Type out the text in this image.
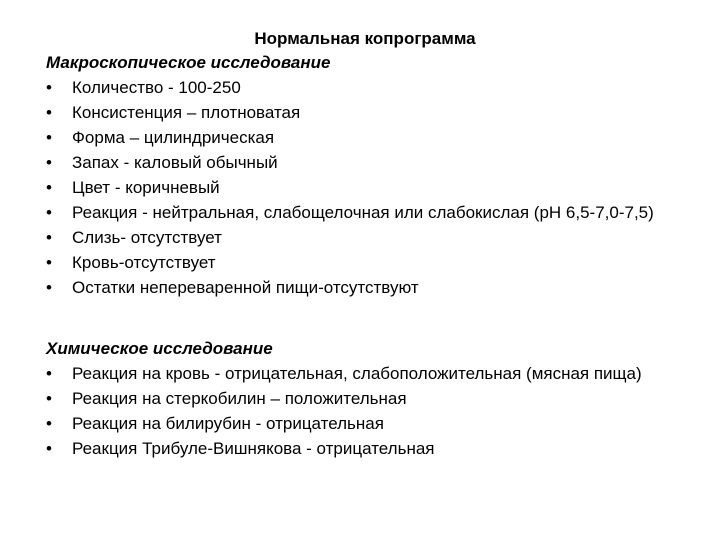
Нормальная копрограмма
Макроскопическое исследование
• Количество - 100-250
• Консистенция – плотноватая
• Форма – цилиндрическая
• Запах - каловый обычный
• Цвет - коричневый
• Реакция - нейтральная, слабощелочная или слабокислая (рН 6,5-7,0-7,5)
• Слизь- отсутствует
• Кровь-отсутствует
• Остатки непереваренной пищи-отсутствуют
Химическое исследование
• Реакция на кровь - отрицательная, слабоположительная (мясная пища)
• Реакция на стеркобилин – положительная
• Реакция на билирубин - отрицательная
• Реакция Трибуле-Вишнякова - отрицательная
